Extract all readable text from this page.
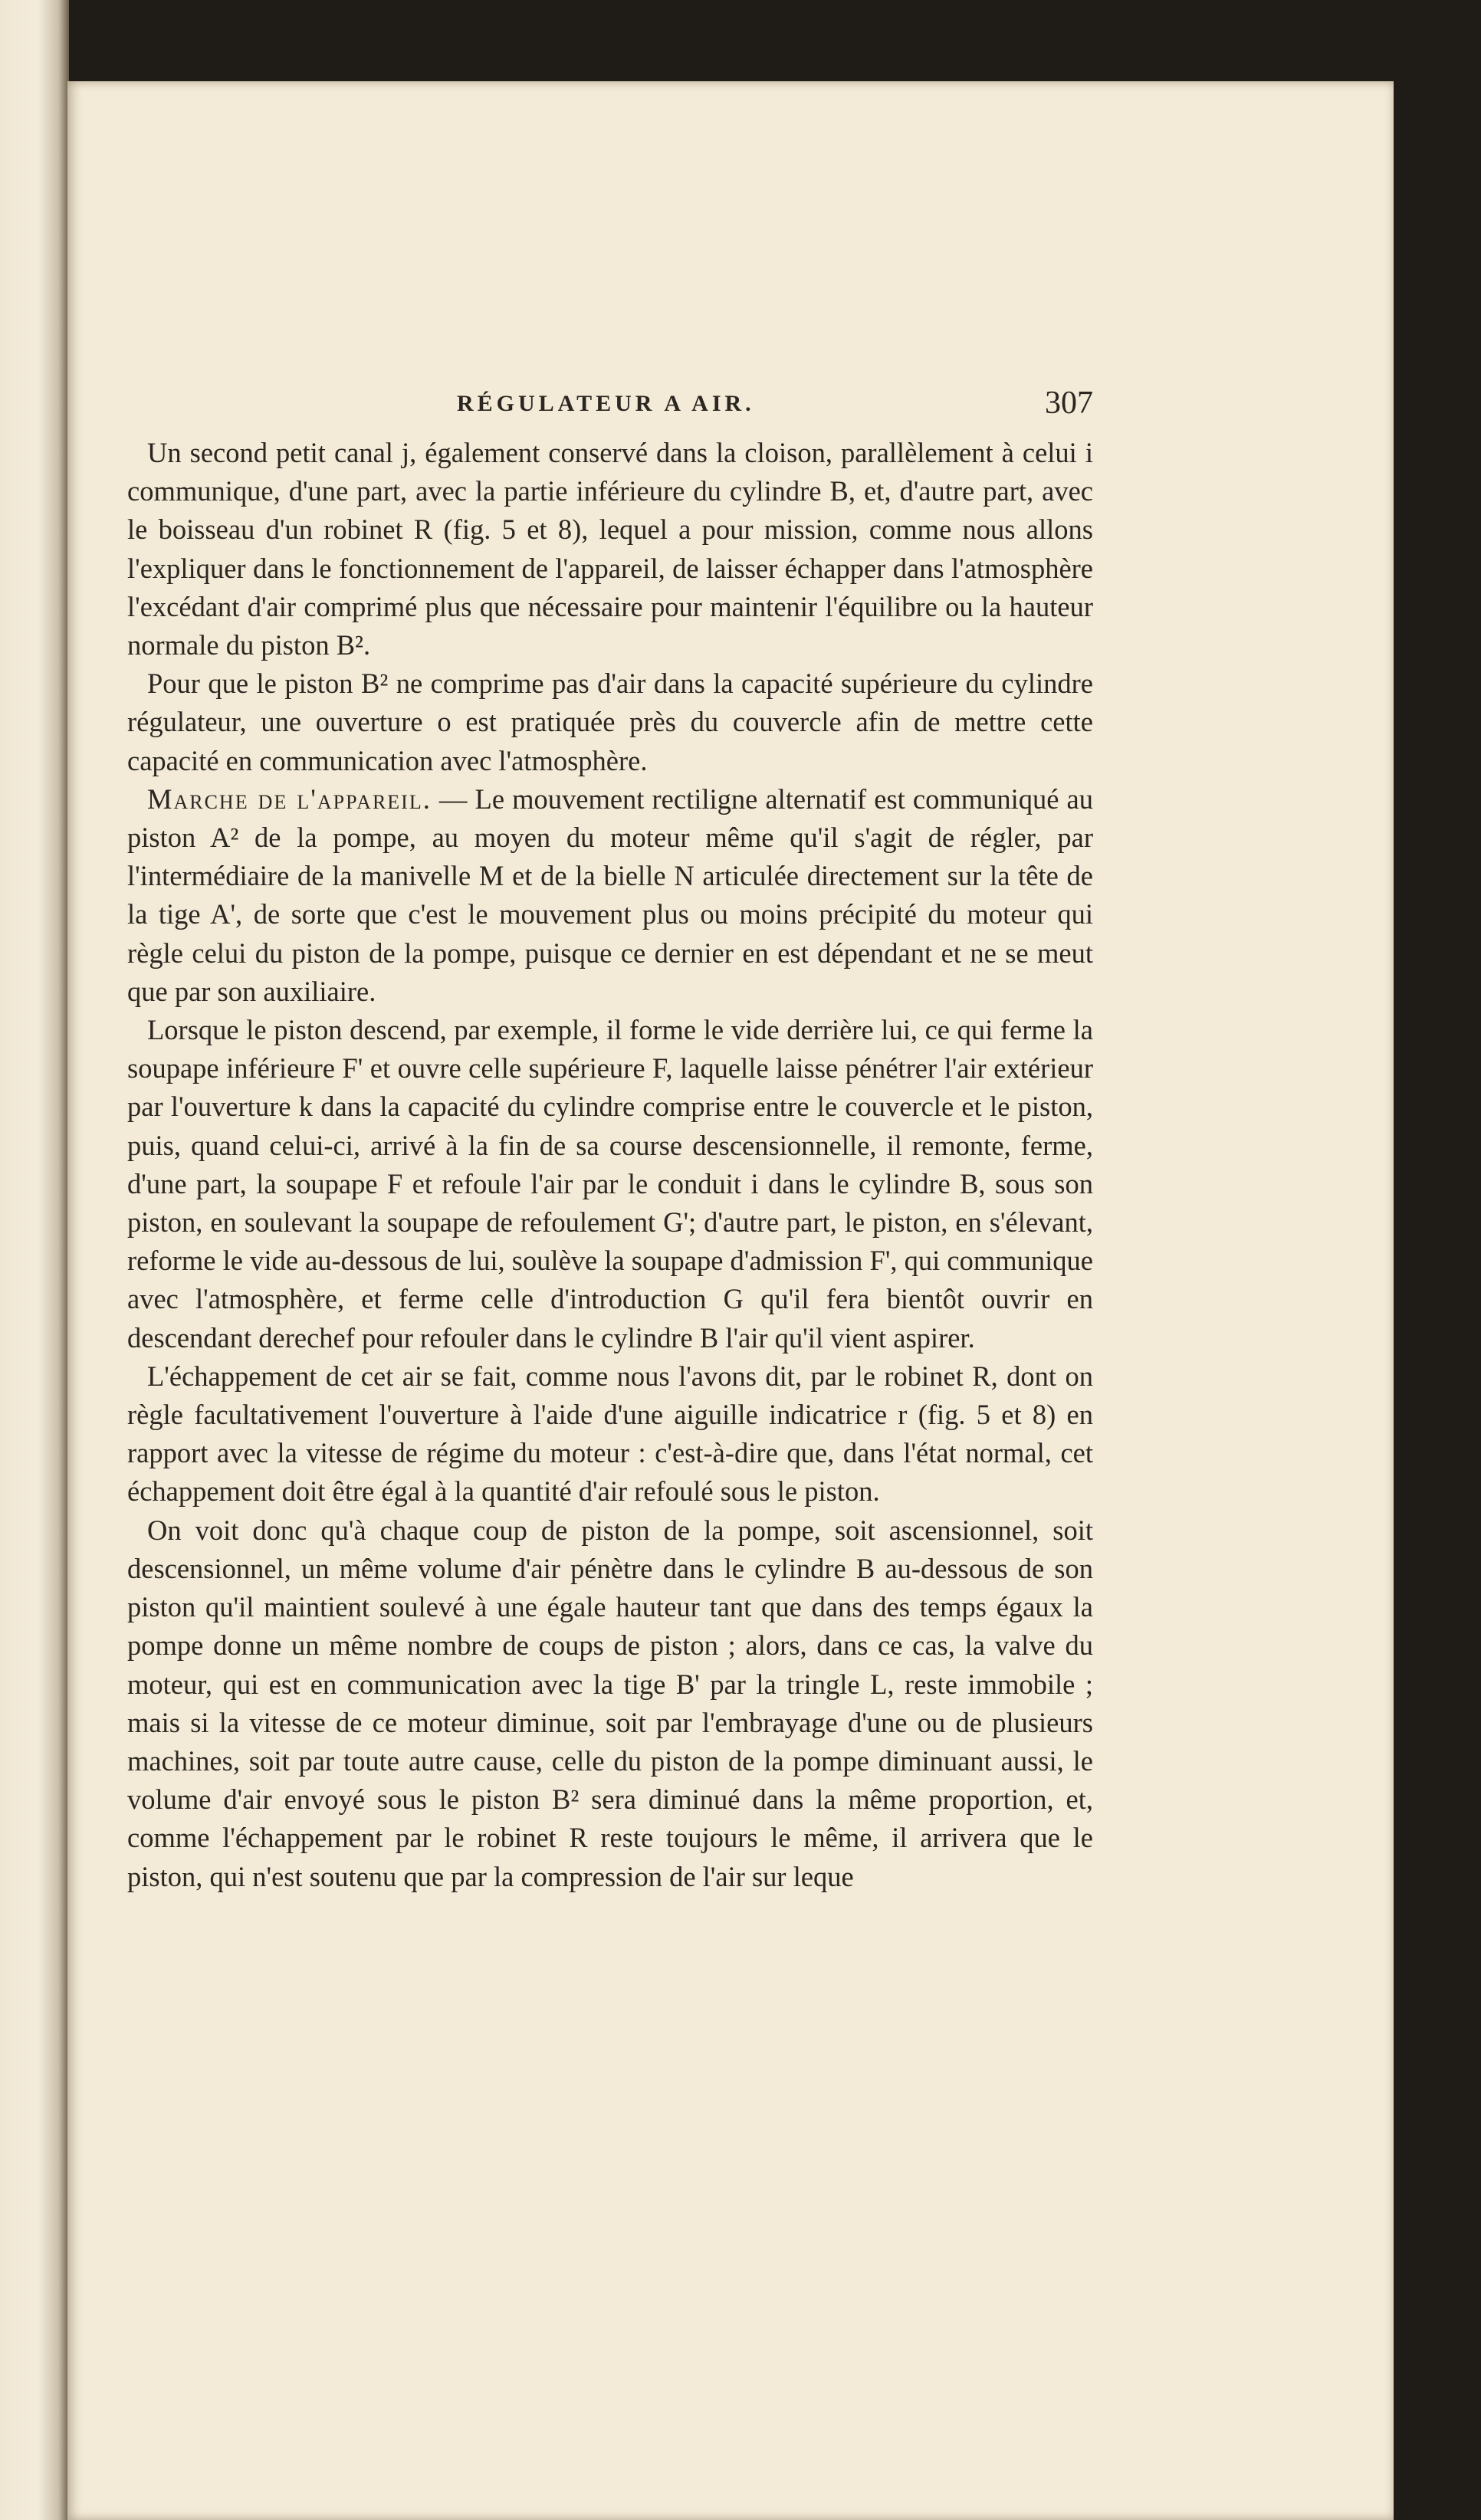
RÉGULATEUR A AIR.	307

Un second petit canal j, également conservé dans la cloison, parallèlement à celui i communique, d'une part, avec la partie inférieure du cylindre B, et, d'autre part, avec le boisseau d'un robinet R (fig. 5 et 8), lequel a pour mission, comme nous allons l'expliquer dans le fonctionnement de l'appareil, de laisser échapper dans l'atmosphère l'excédant d'air comprimé plus que nécessaire pour maintenir l'équilibre ou la hauteur normale du piston B².

Pour que le piston B² ne comprime pas d'air dans la capacité supérieure du cylindre régulateur, une ouverture o est pratiquée près du couvercle afin de mettre cette capacité en communication avec l'atmosphère.

Marche de l'appareil. — Le mouvement rectiligne alternatif est communiqué au piston A² de la pompe, au moyen du moteur même qu'il s'agit de régler, par l'intermédiaire de la manivelle M et de la bielle N articulée directement sur la tête de la tige A', de sorte que c'est le mouvement plus ou moins précipité du moteur qui règle celui du piston de la pompe, puisque ce dernier en est dépendant et ne se meut que par son auxiliaire.

Lorsque le piston descend, par exemple, il forme le vide derrière lui, ce qui ferme la soupape inférieure F' et ouvre celle supérieure F, laquelle laisse pénétrer l'air extérieur par l'ouverture k dans la capacité du cylindre comprise entre le couvercle et le piston, puis, quand celui-ci, arrivé à la fin de sa course descensionnelle, il remonte, ferme, d'une part, la soupape F et refoule l'air par le conduit i dans le cylindre B, sous son piston, en soulevant la soupape de refoulement G'; d'autre part, le piston, en s'élevant, reforme le vide au-dessous de lui, soulève la soupape d'admission F', qui communique avec l'atmosphère, et ferme celle d'introduction G qu'il fera bientôt ouvrir en descendant derechef pour refouler dans le cylindre B l'air qu'il vient aspirer.

L'échappement de cet air se fait, comme nous l'avons dit, par le robinet R, dont on règle facultativement l'ouverture à l'aide d'une aiguille indicatrice r (fig. 5 et 8) en rapport avec la vitesse de régime du moteur : c'est-à-dire que, dans l'état normal, cet échappement doit être égal à la quantité d'air refoulé sous le piston.

On voit donc qu'à chaque coup de piston de la pompe, soit ascensionnel, soit descensionnel, un même volume d'air pénètre dans le cylindre B au-dessous de son piston qu'il maintient soulevé à une égale hauteur tant que dans des temps égaux la pompe donne un même nombre de coups de piston ; alors, dans ce cas, la valve du moteur, qui est en communication avec la tige B' par la tringle L, reste immobile ; mais si la vitesse de ce moteur diminue, soit par l'embrayage d'une ou de plusieurs machines, soit par toute autre cause, celle du piston de la pompe diminuant aussi, le volume d'air envoyé sous le piston B² sera diminué dans la même proportion, et, comme l'échappement par le robinet R reste toujours le même, il arrivera que le piston, qui n'est soutenu que par la compression de l'air sur leque
